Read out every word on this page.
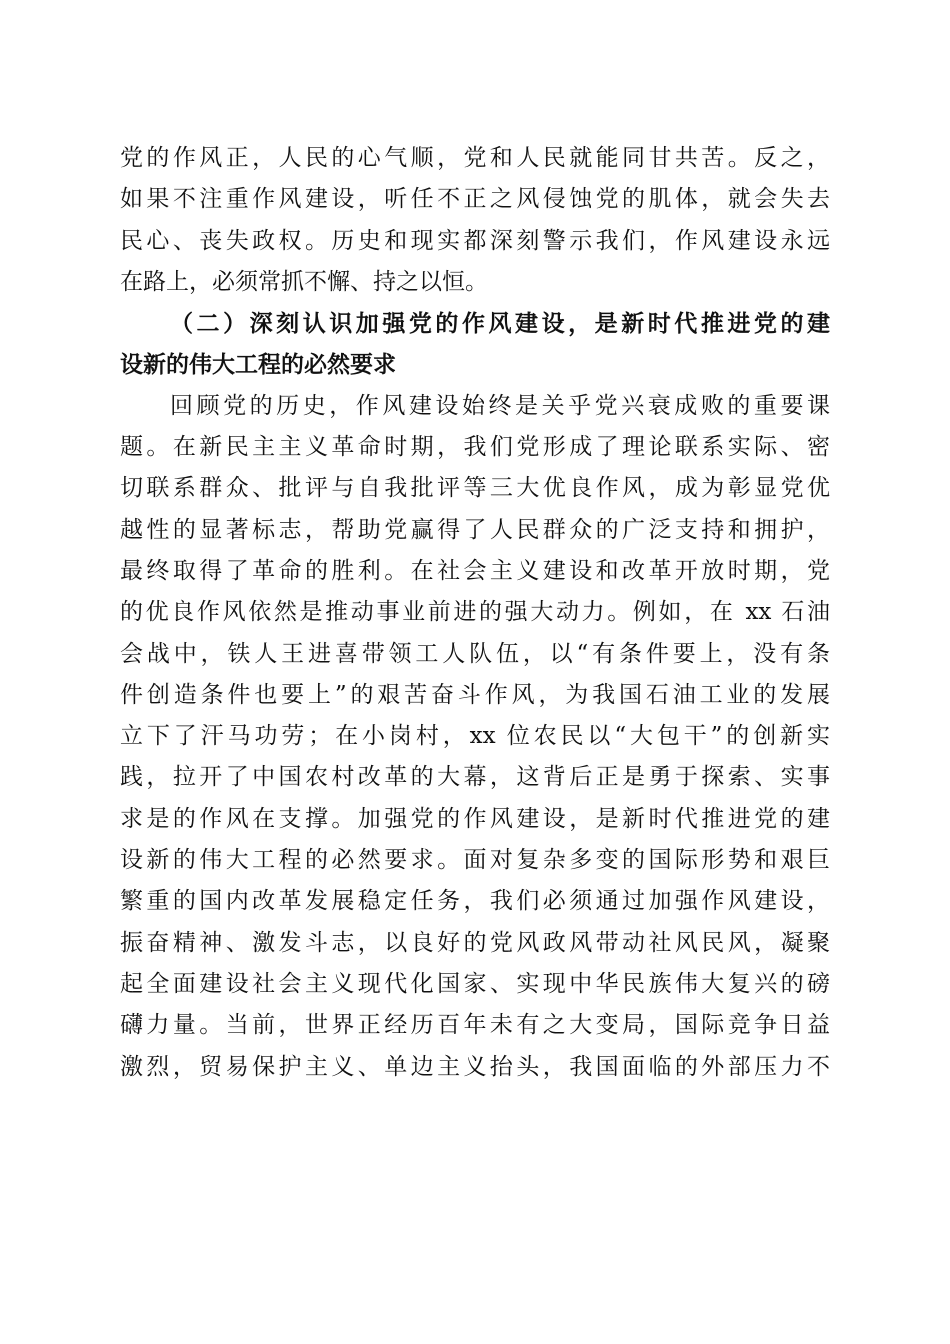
党的作风正，人民的心气顺，党和人民就能同甘共苦。反之，
如果不注重作风建设，听任不正之风侵蚀党的肌体，就会失去
民心、丧失政权。历史和现实都深刻警示我们，作风建设永远
在路上，必须常抓不懈、持之以恒。
（二）深刻认识加强党的作风建设，是新时代推进党的建
设新的伟大工程的必然要求
回顾党的历史，作风建设始终是关乎党兴衰成败的重要课
题。在新民主主义革命时期，我们党形成了理论联系实际、密
切联系群众、批评与自我批评等三大优良作风，成为彰显党优
越性的显著标志，帮助党赢得了人民群众的广泛支持和拥护，
最终取得了革命的胜利。在社会主义建设和改革开放时期，党
的优良作风依然是推动事业前进的强大动力。例如，在 xx 石油
会战中，铁人王进喜带领工人队伍，以“有条件要上，没有条
件创造条件也要上”的艰苦奋斗作风，为我国石油工业的发展
立下了汗马功劳；在小岗村，xx 位农民以“大包干”的创新实
践，拉开了中国农村改革的大幕，这背后正是勇于探索、实事
求是的作风在支撑。加强党的作风建设，是新时代推进党的建
设新的伟大工程的必然要求。面对复杂多变的国际形势和艰巨
繁重的国内改革发展稳定任务，我们必须通过加强作风建设，
振奋精神、激发斗志，以良好的党风政风带动社风民风，凝聚
起全面建设社会主义现代化国家、实现中华民族伟大复兴的磅
礴力量。当前，世界正经历百年未有之大变局，国际竞争日益
激烈，贸易保护主义、单边主义抬头，我国面临的外部压力不
